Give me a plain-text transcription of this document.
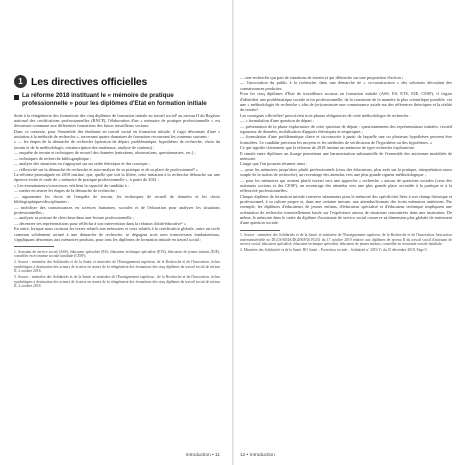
1 Les directives officielles
La réforme 2018 instituant le « mémoire de pratique professionnelle » pour les diplômes d'Etat en formation initiale

Suite à la réingénierie des formations des cinq diplômes de formation initiale au travail social¹ au niveau II du Registre national des certifications professionnelles (RNCP), l'élaboration d'un « mémoire de pratique professionnelle » est désormais commune aux différentes formations des futurs travailleurs sociaux.

Dans ce contexte, pour l'ensemble des étudiants en travail social en formation initiale, il s'agit désormais d'une « initiation à la méthode de recherche », traversant quatre domaines de formation recouvrant les contenus suivants :

« — les étapes de la démarche de recherche (question de départ, problématique, hypothèses de recherche, choix du terrain et de la méthodologie, retranscription des matériaux, analyse de contenu) ;

— enquête de terrain et techniques de recueil des données (entretiens, observations, questionnaires, etc.) ;

— techniques de recherche bibliographique ;

— analyse des situations en s'appuyant sur un cadre théorique et des concepts ;

— réflexivité sur la démarche de recherche et auto-analyse de sa pratique et de sa place de professionnel² »

La réforme promulguée en 2018 institue, que, quelle que soit la filière, cette initiation à la recherche débouche sur une épreuve écrite et orale de « mémoire de pratique professionnelle », à partir de 2021 :

« Les examinateurs/correcteurs vérifient la capacité du candidat à :

— mettre en œuvre les étapes de la démarche de recherche ;

— argumenter les choix de l'enquête de terrain, les techniques de recueil de données et les choix bibliographiques/disciplinaires ;

— mobiliser des connaissances en sciences humaines, sociales et de l'éducation pour analyser les situations professionnelles ;

— analyser sa posture de chercheur dans une lecture professionnelle ;

— décentrer ses représentations pour réfléchir à son intervention dans la relation d'aide/éducative³ »

En outre, lorsque nous croisons les textes relatifs aux mémoires et ceux relatifs à la certification globale, outre un socle commun solidement arrimé à une démarche de recherche, se dégagent trois axes transversaux fondamentaux, s'appliquant désormais aux mémoires produits, pour tous les diplômes de formation initiale en travail social :

1. Assistant de service social (ASS), éducateur spécialisé (ES), éducateur technique spécialisé (ETS), éducateur de jeunes enfants (EJE), conseiller en économie sociale familiale (CESF).

2. Source : ministère des Solidarités et de la Santé, et ministère de l'Enseignement supérieur, de la Recherche et de l'Innovation, fiches synthétiques à destination des acteurs de la mise en œuvre de la réingénierie des formations des cinq diplômes du travail social de niveau II, 2 octobre 2018.

3. Source : ministère des Solidarités et de la Santé, et ministère de l'Enseignement supérieur , de la Recherche et de l'Innovation, fiches synthétiques à destination des acteurs de la mise en œuvre de la réingénierie des formations des cinq diplômes du travail social de niveau II, 2 octobre 2018.

Introduction • 11

— une recherche qui part de situations de terrain et qui débouche sur une proposition d'action ;

— l'association du public à la recherche, dans une démarche de « co-construction » des solutions découlant des connaissances produites.

Pour les cinq diplômes d'Etat de travailleurs sociaux en formation initiale (ASS, ES, ETS, EJE, CESF), il s'agira d'identifier une problématique sociale et/ou professionnelle, de la construire de la manière la plus scientifique possible, via une « méthodologie de recherche » afin de (re)construire une connaissance axiale sur des références théoriques et la réalité du terrain¹.

Les consignes officielles² prescrivent trois phases obligatoires de cette méthodologie de recherche :

— « formulation d'une question de départ ;

— présentation de la phase exploratoire de cette question de départ : questionnement des représentations initiales, recueil rigoureux de données, mobilisation d'apports théoriques et empiriques ;

— formulation d'une problématique claire et circonscrite à partir de laquelle une ou plusieurs hypothèses peuvent être formulées. Le candidat précisera les moyens et les méthodes de vérification de l'hypothèse ou des hypothèses. »

Ce qui signifie clairement que la réforme de 2018 institue un mémoire de type recherche exploratoire.

Il simule entre diplômes un lissage permettant une harmonisation substantielle de l'ensemble des anciennes modalités de mémoire.

Lisage que l'on pourrait résumer ainsi :

— pour les mémoires jusqu'alors plutôt professionnels (ceux des éducateurs, plus axés sur la pratique, interprétation assez souple de la notion de recherche), un recentrage des attendus vers une plus grande rigueur méthodologique ;

— pour les mémoires qui avaient plutôt investi vers une approche « recherche » autour de questions sociales (ceux des assistants sociaux et des CESF), un recentrage des attendus vers une plus grande place accordée à la pratique et à la réflexivité professionnelles.

Chaque diplôme de formation initiale conserve néanmoins pour le mémoire des spécificités liées à son champ théorique et professionnel, à sa culture propre et, dans une certaine mesure, aux attendus/formats des écrits mémoires antérieurs. Par exemple, les diplômes d'éducateurs de jeunes enfants, d'éducateur spécialisé et d'éducateur technique impliquent une orientation de recherche essentiellement basée sur l'expérience autour de situations rencontrées dans une institution. De même, le mémoire dans le cadre du diplôme d'assistante de service social conserve sa dimension plus globale de traitement d'une question sociale.

1. Source : ministère des Solidarités et de la Santé, et ministère de l'Enseignement supérieur, de la Recherche et de l'Innovation, Instruction interministérielle no DGCS/SD4A/DGESIP/2019/231 du 17 octobre 2019 relative aux diplômes de niveau II du travail social d'assistant de service social, éducateur spécialisé, éducateur technique spécialisé, éducateur de jeunes enfants, conseiller en économie sociale familiale.

2. Ministère des Solidarités et de la Santé, BO Santé – Protection sociale – Solidarité nº 2019/11 du 15 décembre 2019, Page 9.

12 • Introduction
